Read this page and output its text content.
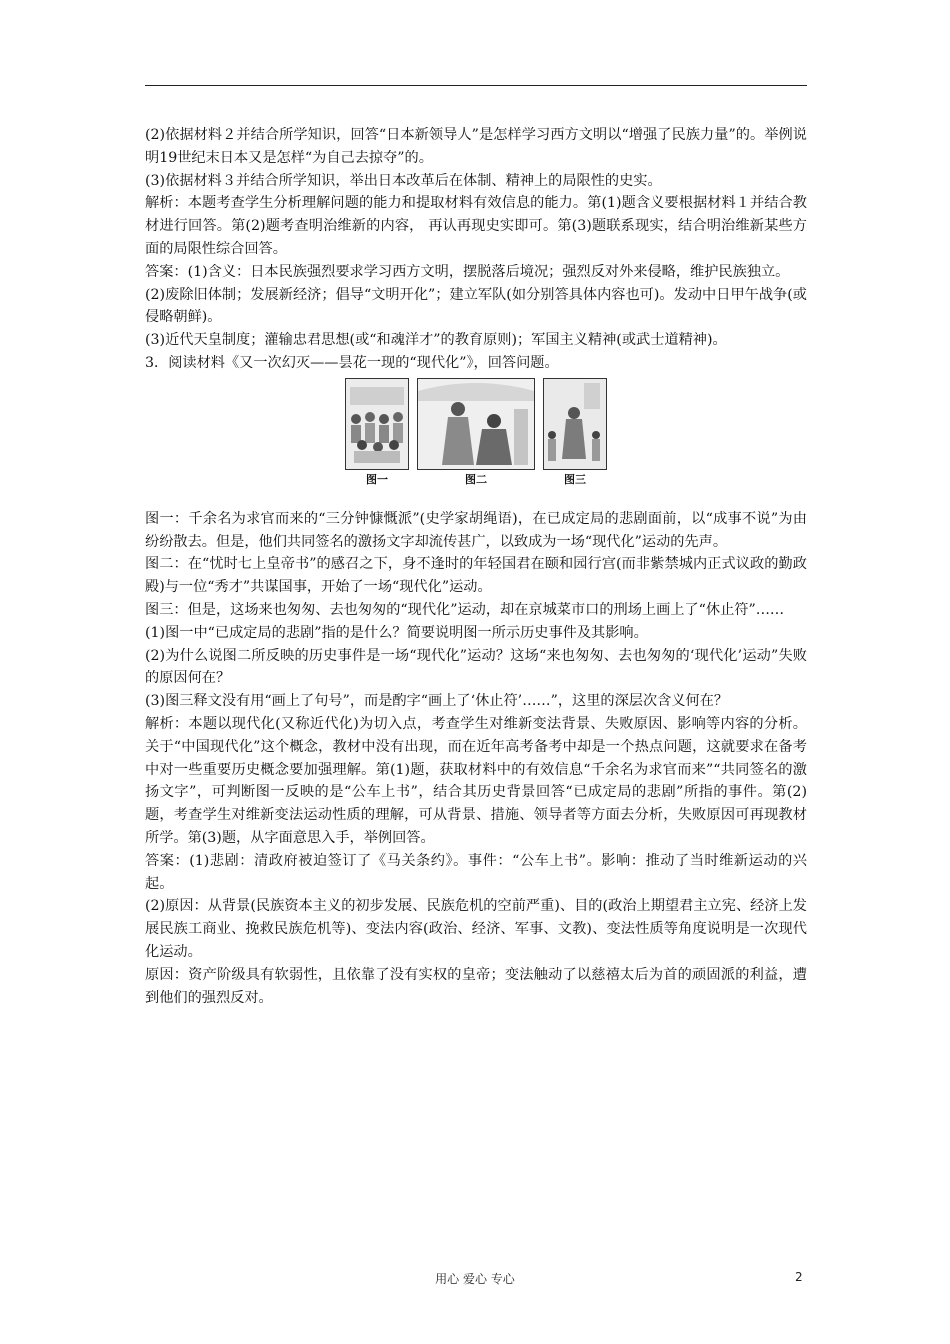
(2)依据材料２并结合所学知识，回答“日本新领导人”是怎样学习西方文明以“增强了民族力量”的。举例说明19世纪末日本又是怎样“为自己去掠夺”的。

(3)依据材料３并结合所学知识，举出日本改革后在体制、精神上的局限性的史实。

解析：本题考查学生分析理解问题的能力和提取材料有效信息的能力。第(1)题含义要根据材料１并结合教材进行回答。第(2)题考查明治维新的内容， 再认再现史实即可。第(3)题联系现实，结合明治维新某些方面的局限性综合回答。

答案：(1)含义：日本民族强烈要求学习西方文明，摆脱落后境况；强烈反对外来侵略，维护民族独立。

(2)废除旧体制；发展新经济；倡导“文明开化”；建立军队(如分别答具体内容也可)。发动中日甲午战争(或侵略朝鲜)。

(3)近代天皇制度；灌输忠君思想(或“和魂洋才”的教育原则)；军国主义精神(或武士道精神)。

3．阅读材料《又一次幻灭——昙花一现的“现代化”》，回答问题。

图一	图二	图三

图一：千余名为求官而来的“三分钟慷慨派”(史学家胡绳语)，在已成定局的悲剧面前，以“成事不说”为由纷纷散去。但是，他们共同签名的激扬文字却流传甚广，以致成为一场“现代化”运动的先声。

图二：在“忧时七上皇帝书”的感召之下，身不逢时的年轻国君在颐和园行宫(而非紫禁城内正式议政的勤政殿)与一位“秀才”共谋国事，开始了一场“现代化”运动。

图三：但是，这场来也匆匆、去也匆匆的“现代化”运动，却在京城菜市口的刑场上画上了“休止符”……

(1)图一中“已成定局的悲剧”指的是什么？简要说明图一所示历史事件及其影响。

(2)为什么说图二所反映的历史事件是一场“现代化”运动？这场“来也匆匆、去也匆匆的‘现代化’运动”失败的原因何在？

(3)图三释文没有用“画上了句号”，而是酌字“画上了‘休止符’……”，这里的深层次含义何在？

解析：本题以现代化(又称近代化)为切入点，考查学生对维新变法背景、失败原因、影响等内容的分析。关于“中国现代化”这个概念，教材中没有出现，而在近年高考备考中却是一个热点问题，这就要求在备考中对一些重要历史概念要加强理解。第(1)题，获取材料中的有效信息“千余名为求官而来”“共同签名的激扬文字”，可判断图一反映的是“公车上书”，结合其历史背景回答“已成定局的悲剧”所指的事件。第(2)题，考查学生对维新变法运动性质的理解，可从背景、措施、领导者等方面去分析，失败原因可再现教材所学。第(3)题，从字面意思入手，举例回答。

答案：(1)悲剧：清政府被迫签订了《马关条约》。事件：“公车上书”。影响：推动了当时维新运动的兴起。

(2)原因：从背景(民族资本主义的初步发展、民族危机的空前严重)、目的(政治上期望君主立宪、经济上发展民族工商业、挽救民族危机等)、变法内容(政治、经济、军事、文教)、变法性质等角度说明是一次现代化运动。

原因：资产阶级具有软弱性，且依靠了没有实权的皇帝；变法触动了以慈禧太后为首的顽固派的利益，遭到他们的强烈反对。

用心 爱心 专心	2
